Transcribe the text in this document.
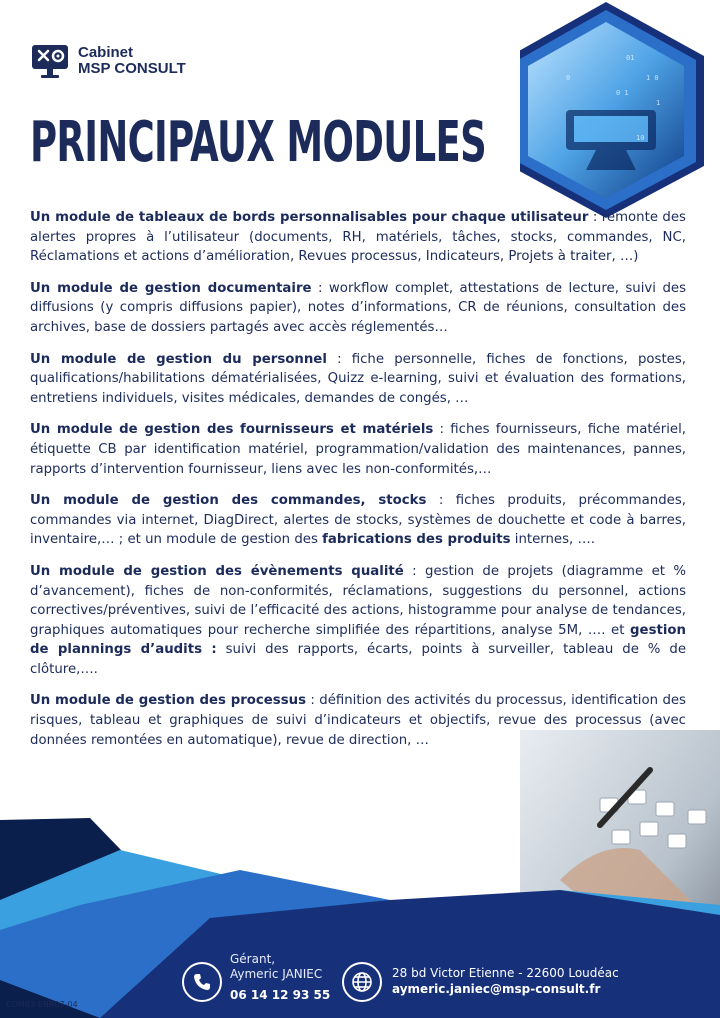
Cabinet
MSP CONSULT
01
1 0
0 1
1
10
0
PRINCIPAUX MODULES

Un module de tableaux de bords personnalisables pour chaque utilisateur : remonte des alertes propres à l’utilisateur (documents, RH, matériels, tâches, stocks, commandes, NC, Réclamations et actions d’amélioration, Revues processus, Indicateurs, Projets à traiter, …)

Un module de gestion documentaire : workflow complet, attestations de lecture, suivi des diffusions (y compris diffusions papier), notes d’informations, CR de réunions, consultation des archives, base de dossiers partagés avec accès réglementés…

Un module de gestion du personnel : fiche personnelle, fiches de fonctions, postes, qualifications/habilitations dématérialisées, Quizz e-learning, suivi et évaluation des formations, entretiens individuels, visites médicales, demandes de congés, …

Un module de gestion des fournisseurs et matériels : fiches fournisseurs, fiche matériel, étiquette CB par identification matériel, programmation/validation des maintenances, pannes, rapports d’intervention fournisseur, liens avec les non-conformités,…

Un module de gestion des commandes, stocks : fiches produits, précommandes, commandes via internet, DiagDirect, alertes de stocks, systèmes de douchette et code à barres, inventaire,… ; et un module de gestion des fabrications des produits internes, ….

Un module de gestion des évènements qualité : gestion de projets (diagramme et % d’avancement), fiches de non-conformités, réclamations, suggestions du personnel, actions correctives/préventives, suivi de l’efficacité des actions, histogramme pour analyse de tendances, graphiques automatiques pour recherche simplifiée des répartitions, analyse 5M, …. et gestion de plannings d’audits : suivi des rapports, écarts, points à surveiller, tableau de % de clôture,….

Un module de gestion des processus : définition des activités du processus, identification des risques, tableau et graphiques de suivi d’indicateurs et objectifs, revue des processus (avec données remontées en automatique), revue de direction, …

Gérant,
Aymeric JANIEC
06 14 12 93 55
28 bd Victor Etienne - 22600 Loudéac
aymeric.janiec@msp-consult.fr
COM03-ENR07-04
